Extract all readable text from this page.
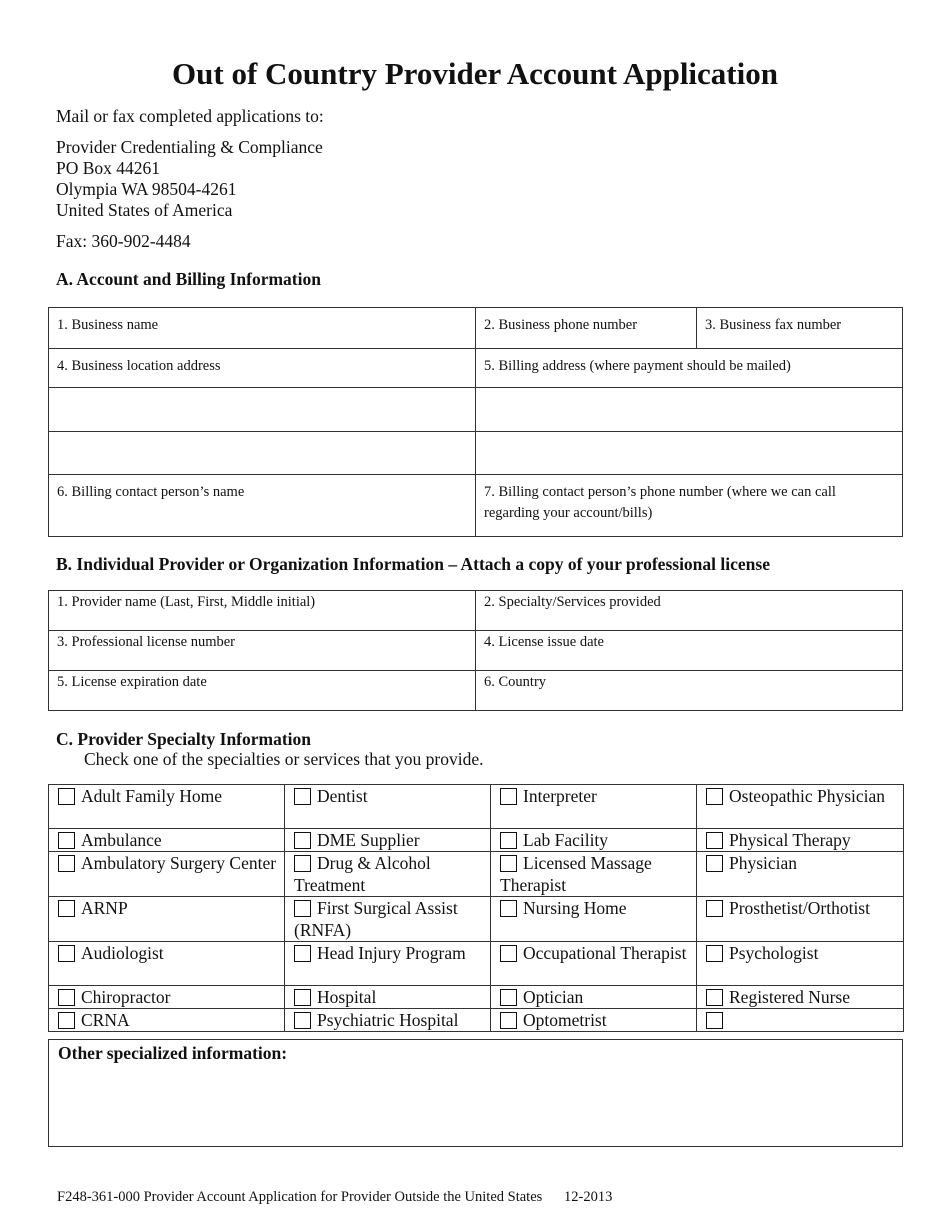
Out of Country Provider Account Application
Mail or fax completed applications to:
Provider Credentialing & Compliance
PO Box 44261
Olympia WA 98504-4261
United States of America
Fax: 360-902-4484
A. Account and Billing Information
1. Business name	2. Business phone number	3. Business fax number
4. Business location address	5. Billing address (where payment should be mailed)
6. Billing contact person’s name	7. Billing contact person’s phone number (where we can call regarding your account/bills)
B. Individual Provider or Organization Information – Attach a copy of your professional license
1. Provider name (Last, First, Middle initial)	2. Specialty/Services provided
3. Professional license number	4. License issue date
5. License expiration date	6. Country
C. Provider Specialty Information
Check one of the specialties or services that you provide.
Adult Family Home	Dentist	Interpreter	Osteopathic Physician
Ambulance	DME Supplier	Lab Facility	Physical Therapy
Ambulatory Surgery Center	Drug & Alcohol Treatment	Licensed Massage Therapist	Physician
ARNP	First Surgical Assist (RNFA)	Nursing Home	Prosthetist/Orthotist
Audiologist	Head Injury Program	Occupational Therapist	Psychologist
Chiropractor	Hospital	Optician	Registered Nurse
CRNA	Psychiatric Hospital	Optometrist	
Other specialized information:
F248-361-000 Provider Account Application for Provider Outside the United States      12-2013
